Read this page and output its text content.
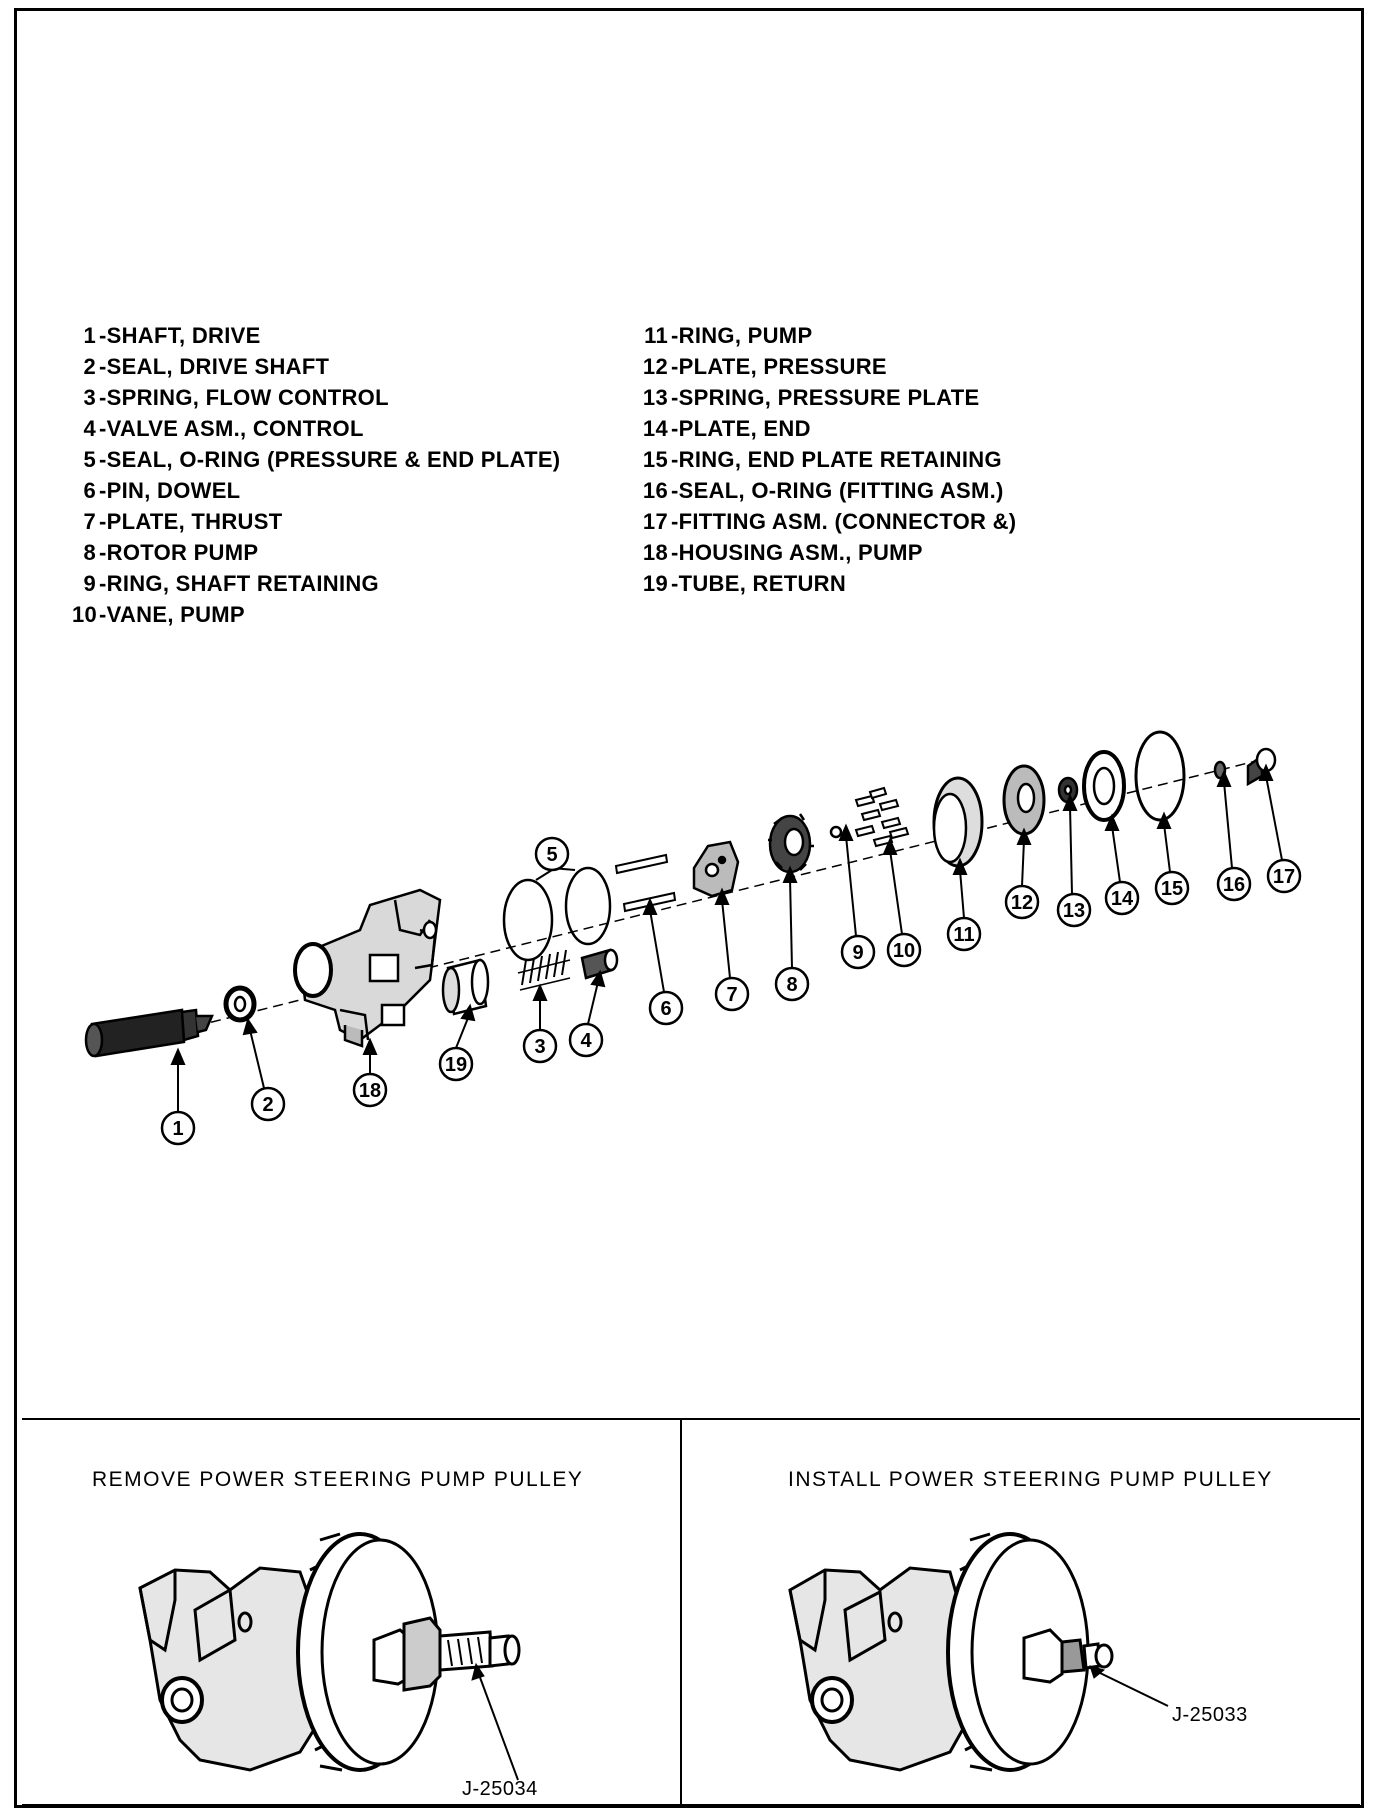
1 -SHAFT, DRIVE
2 -SEAL, DRIVE SHAFT
3 -SPRING, FLOW CONTROL
4 -VALVE ASM., CONTROL
5 -SEAL, O-RING (PRESSURE & END PLATE)
6 -PIN, DOWEL
7 -PLATE, THRUST
8 -ROTOR PUMP
9 -RING, SHAFT RETAINING
10-VANE, PUMP
11 -RING, PUMP
12 -PLATE, PRESSURE
13 -SPRING, PRESSURE PLATE
14 -PLATE, END
15 -RING, END PLATE RETAINING
16 -SEAL, O-RING (FITTING ASM.)
17 -FITTING ASM. (CONNECTOR &)
18 -HOUSING ASM., PUMP
19 -TUBE, RETURN
1
2
3 4
5
6
7 8
9 10
11
12 13
14 15 16 17
18
19
REMOVE POWER STEERING PUMP PULLEY	INSTALL POWER STEERING PUMP PULLEY
J-25034
J-25033
